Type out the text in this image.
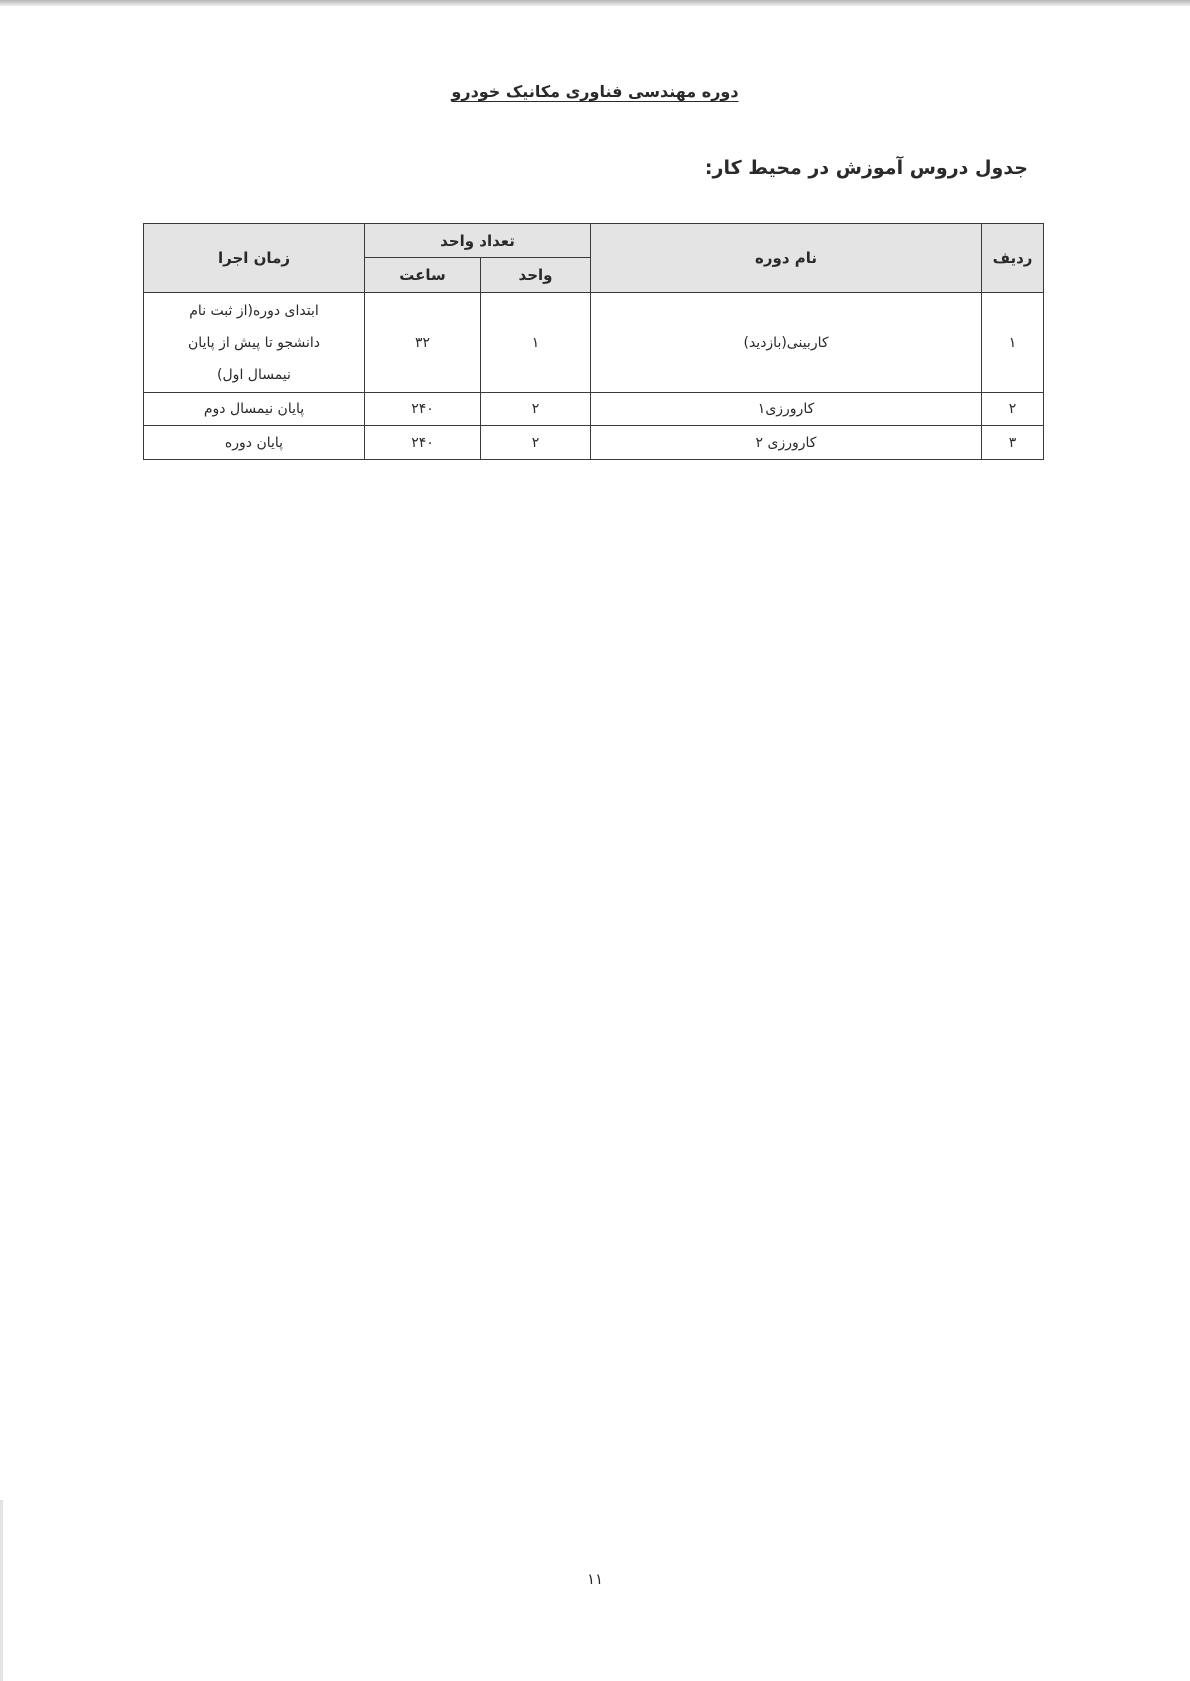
دوره مهندسی فناوری مکانیک خودرو
جدول دروس آموزش در محیط کار:
ردیف	نام دوره	تعداد واحد		زمان اجرا
		واحد	ساعت	
۱	کاربینی(بازدید)	۱	۳۲	ابتدای دوره(از ثبت نام
دانشجو تا پیش از پایان
نیمسال اول)

۲	کارورزی۱	۲	۲۴۰	پایان نیمسال دوم
۳	کارورزی ۲	۲	۲۴۰	پایان دوره
۱۱
